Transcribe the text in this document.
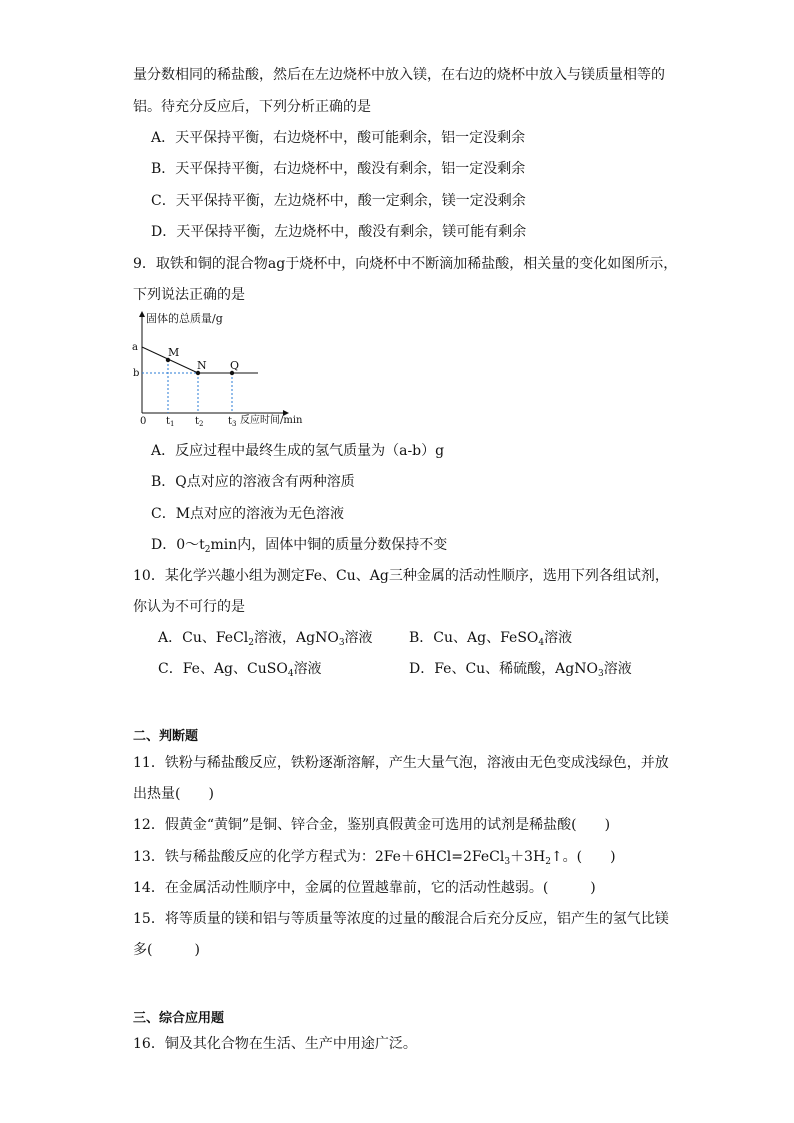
量分数相同的稀盐酸，然后在左边烧杯中放入镁，在右边的烧杯中放入与镁质量相等的
铝。待充分反应后，下列分析正确的是
A．天平保持平衡，右边烧杯中，酸可能剩余，铝一定没剩余
B．天平保持平衡，右边烧杯中，酸没有剩余，铝一定没剩余
C．天平保持平衡，左边烧杯中，酸一定剩余，镁一定没剩余
D．天平保持平衡，左边烧杯中，酸没有剩余，镁可能有剩余
9．取铁和铜的混合物ag于烧杯中，向烧杯中不断滴加稀盐酸，相关量的变化如图所示，
下列说法正确的是
固体的总质量/g
反应时间/min
0
a
b
M
N Q
$t_1$ $t_2$ $t_3$
A．反应过程中最终生成的氢气质量为（a-b）g
B．Q点对应的溶液含有两种溶质
C．M点对应的溶液为无色溶液
D．$0\sim t_2\min$内，固体中铜的质量分数保持不变
10．某化学兴趣小组为测定Fe、Cu、Ag三种金属的活动性顺序，选用下列各组试剂，
你认为不可行的是
A．Cu、FeCl$_2$溶液，AgNO$_3$溶液	B．Cu、Ag、FeSO$_4$溶液
C．Fe、Ag、CuSO$_4$溶液	D．Fe、Cu、稀硫酸，AgNO$_3$溶液
二、判断题
11．铁粉与稀盐酸反应，铁粉逐渐溶解，产生大量气泡，溶液由无色变成浅绿色，并放
出热量(　　)
12．假黄金“黄铜”是铜、锌合金，鉴别真假黄金可选用的试剂是稀盐酸(　　)
13．铁与稀盐酸反应的化学方程式为：$2Fe+6HCl=2FeCl_3+3H_2↑$。(　　)
14．在金属活动性顺序中，金属的位置越靠前，它的活动性越弱。(　　　)
15．将等质量的镁和铝与等质量等浓度的过量的酸混合后充分反应，铝产生的氢气比镁
多(　　　)
三、综合应用题
16．铜及其化合物在生活、生产中用途广泛。
